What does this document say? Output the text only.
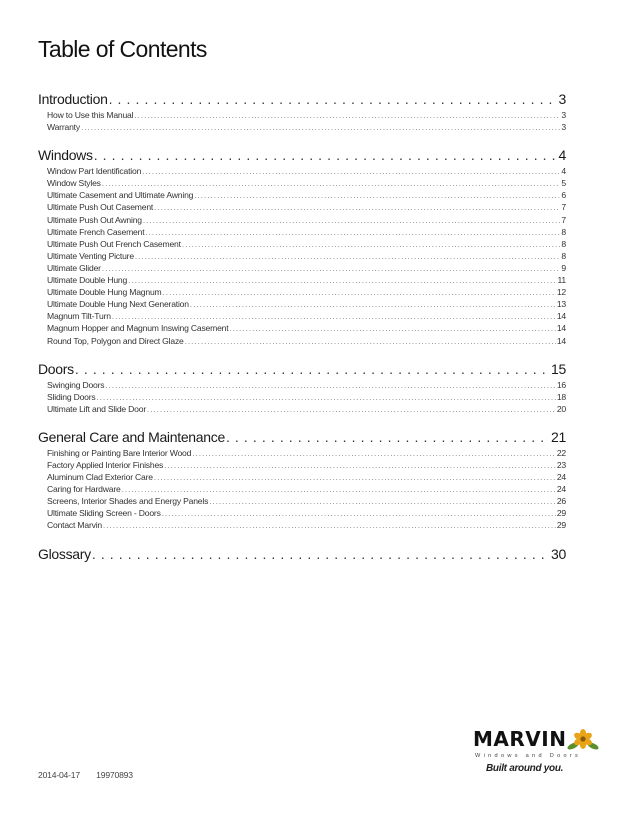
Table of Contents
Introduction . . .	3
How to Use this Manual . . .	3
Warranty . . .	3
Windows . . .	4
Window Part Identification . . .	4
Window Styles . . .	5
Ultimate Casement and Ultimate Awning . . .	6
Ultimate Push Out Casement . . .	7
Ultimate Push Out Awning . . .	7
Ultimate French Casement . . .	8
Ultimate Push Out French Casement . . .	8
Ultimate Venting Picture . . .	8
Ultimate Glider . . .	9
Ultimate Double Hung . . .	11
Ultimate Double Hung Magnum . . .	12
Ultimate Double Hung Next Generation . . .	13
Magnum Tilt-Turn . . .	14
Magnum Hopper and Magnum Inswing Casement . . .	14
Round Top, Polygon and Direct Glaze . . .	14
Doors . . .	15
Swinging Doors . . .	16
Sliding Doors . . .	18
Ultimate Lift and Slide Door . . .	20
General Care and Maintenance . . .	21
Finishing or Painting Bare Interior Wood . . .	22
Factory Applied Interior Finishes . . .	23
Aluminum Clad Exterior Care . . .	24
Caring for Hardware . . .	24
Screens, Interior Shades and Energy Panels . . .	26
Ultimate Sliding Screen - Doors . . .	29
Contact Marvin . . .	29
Glossary . . .	30
2014-04-17 19970893
MARVIN
Windows and Doors
Built around you.
